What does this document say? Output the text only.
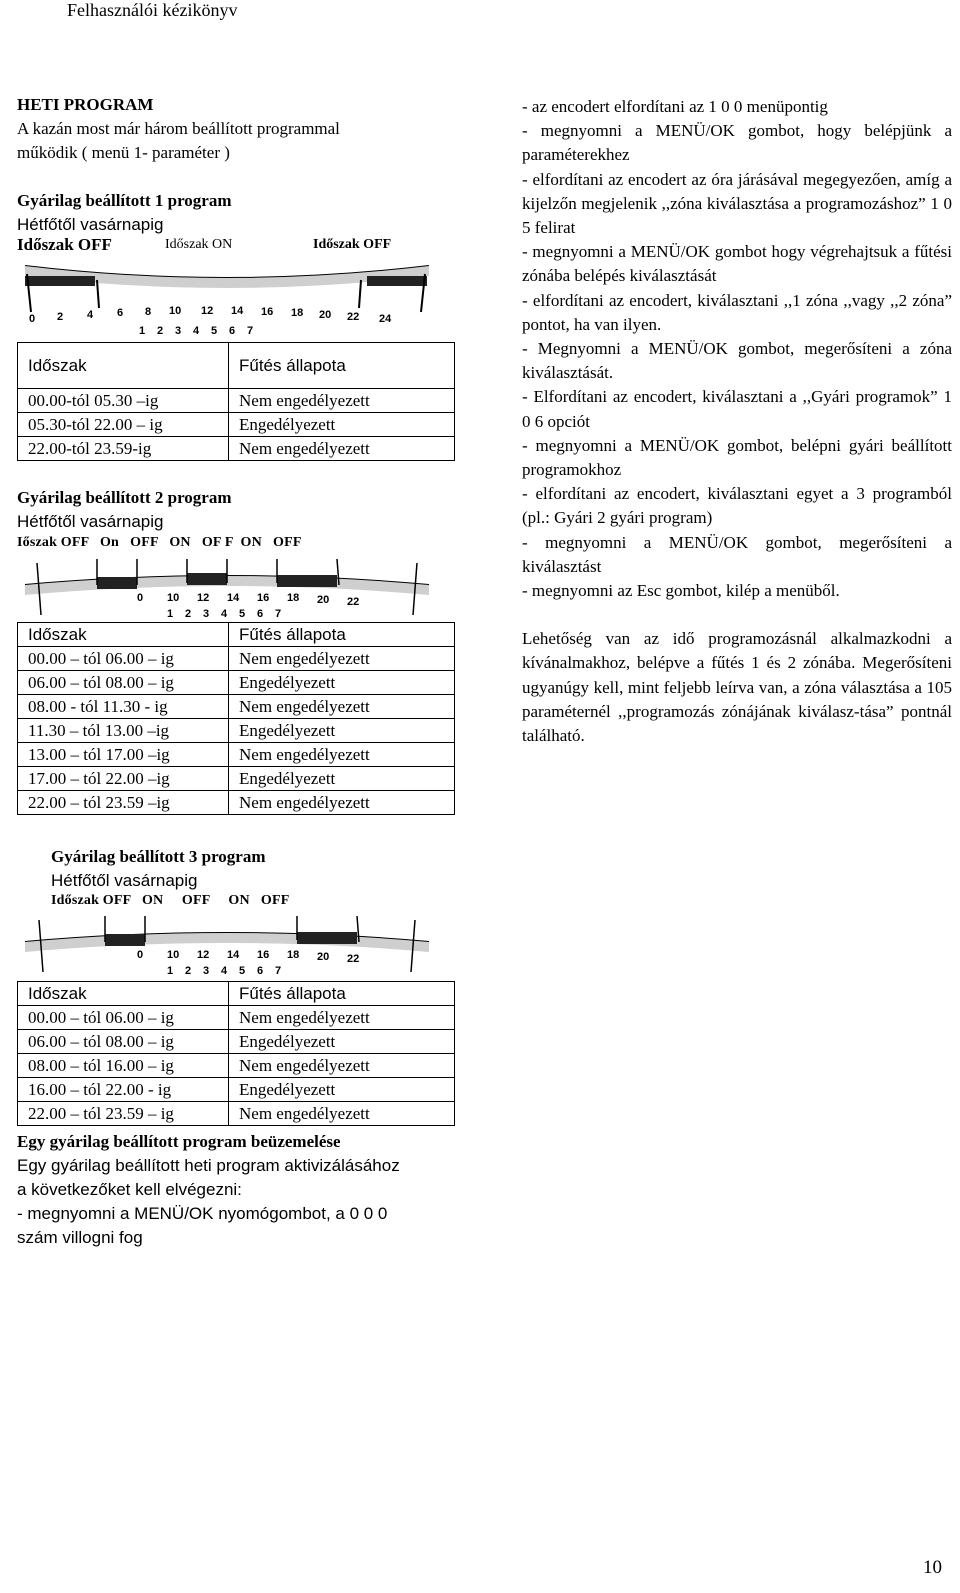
Felhasználói kézikönyv
HETI PROGRAM
A kazán most már három beállított programmal
működik ( menü 1- paraméter )
Gyárilag beállított 1 program
Hétfőtől vasárnapig
Időszak OFF	Időszak ON	Időszak OFF
0 2 4 6 8 10 12 14 16 18 20 22 24
1 2 3 4 5 6 7
Időszak	Fűtés állapota
00.00-tól 05.30 –ig	Nem engedélyezett
05.30-tól 22.00 – ig	Engedélyezett
22.00-tól 23.59-ig	Nem engedélyezett
Gyárilag beállított 2 program
Hétfőtől vasárnapig
Iőszak OFF   On   OFF   ON   OF F  ON   OFF
0 10 12 14 16 18 20 22
1 2 3 4 5 6 7
Időszak	Fűtés állapota
00.00 – tól 06.00 – ig	Nem engedélyezett
06.00 – tól 08.00 – ig	Engedélyezett
08.00 - tól 11.30 - ig	Nem engedélyezett
11.30 – tól 13.00 –ig	Engedélyezett
13.00 – tól 17.00 –ig	Nem engedélyezett
17.00 – tól 22.00 –ig	Engedélyezett
22.00 – tól 23.59 –ig	Nem engedélyezett
Gyárilag beállított 3 program
Hétfőtől vasárnapig
Időszak OFF   ON     OFF     ON   OFF
0 10 12 14 16 18 20 22
1 2 3 4 5 6 7
Időszak	Fűtés állapota
00.00 – tól 06.00 – ig	Nem engedélyezett
06.00 – tól 08.00 – ig	Engedélyezett
08.00 – tól 16.00 – ig	Nem engedélyezett
16.00 – tól 22.00 - ig	Engedélyezett
22.00 – tól 23.59 – ig	Nem engedélyezett
Egy gyárilag beállított program beüzemelése
Egy gyárilag beállított heti program aktivizálásához
a következőket kell elvégezni:
- megnyomni a MENÜ/OK nyomógombot, a 0 0 0
szám villogni fog

- az encodert elfordítani az 1 0 0 menüpontig

- megnyomni a MENÜ/OK gombot, hogy belépjünk a paraméterekhez

- elfordítani az encodert az óra járásával megegyezően, amíg a kijelzőn megjelenik ,,zóna kiválasztása a programozáshoz” 1 0 5 felirat

- megnyomni a MENÜ/OK gombot hogy végrehajtsuk a fűtési zónába belépés kiválasztását

- elfordítani az encodert, kiválasztani ,,1 zóna ,,vagy ,,2 zóna” pontot, ha van ilyen.

- Megnyomni a MENÜ/OK gombot, megerősíteni a zóna kiválasztását.

- Elfordítani az encodert, kiválasztani a ,,Gyári programok” 1 0 6 opciót

- megnyomni a MENÜ/OK gombot, belépni gyári beállított programokhoz

- elfordítani az encodert, kiválasztani egyet a 3 programból (pl.: Gyári 2 gyári program)

- megnyomni a MENÜ/OK gombot, megerősíteni a kiválasztást

- megnyomni az Esc gombot, kilép a menüből.

Lehetőség van az idő programozásnál alkalmazkodni a kívánalmakhoz, belépve a fűtés 1 és 2 zónába. Megerősíteni ugyanúgy kell, mint feljebb leírva van, a zóna választása a 105 paraméternél ,,programozás zónájának kiválasz-tása” pontnál található.

10
